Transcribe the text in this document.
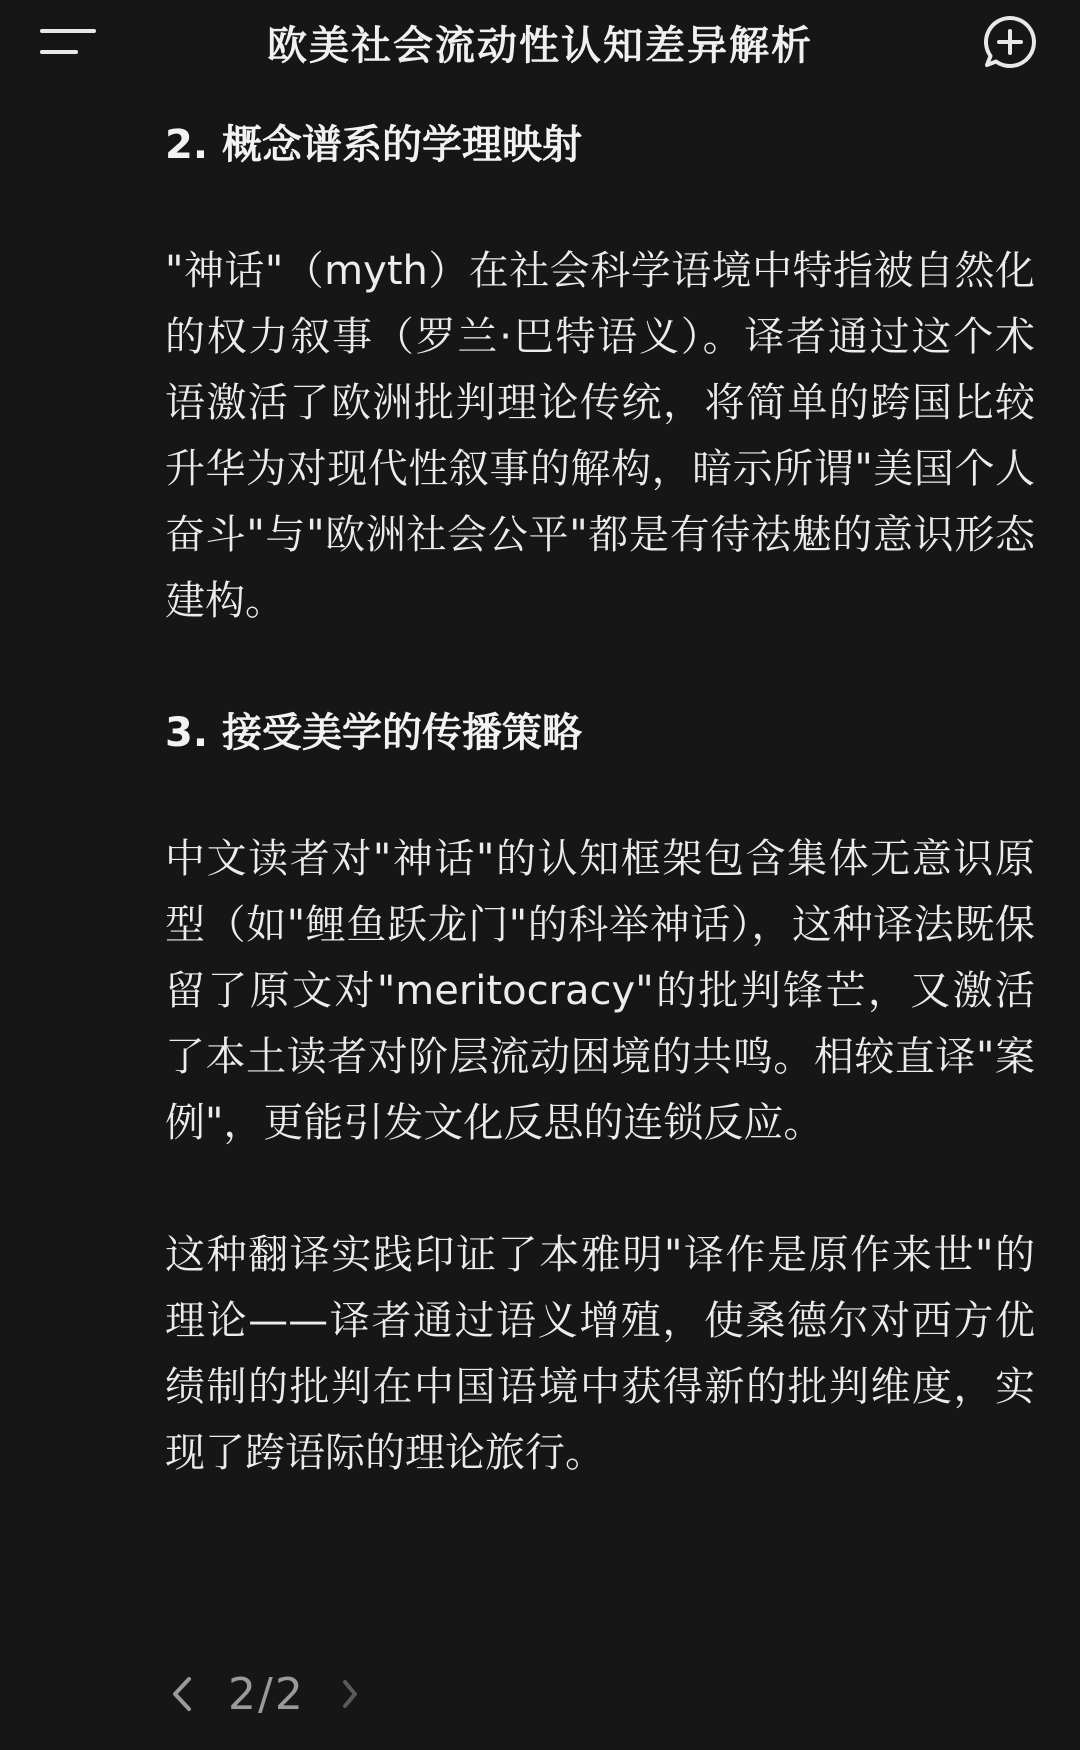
欧美社会流动性认知差异解析
2. 概念谱系的学理映射
"神话"（myth）在社会科学语境中特指被自然化的权力叙事（罗兰·巴特语义）。译者通过这个术语激活了欧洲批判理论传统，将简单的跨国比较升华为对现代性叙事的解构，暗示所谓"美国个人奋斗"与"欧洲社会公平"都是有待祛魅的意识形态建构。
3. 接受美学的传播策略
中文读者对"神话"的认知框架包含集体无意识原型（如"鲤鱼跃龙门"的科举神话），这种译法既保留了原文对"meritocracy"的批判锋芒，又激活了本土读者对阶层流动困境的共鸣。相较直译"案例"，更能引发文化反思的连锁反应。
这种翻译实践印证了本雅明"译作是原作来世"的理论——译者通过语义增殖，使桑德尔对西方优绩制的批判在中国语境中获得新的批判维度，实现了跨语际的理论旅行。
2/2
